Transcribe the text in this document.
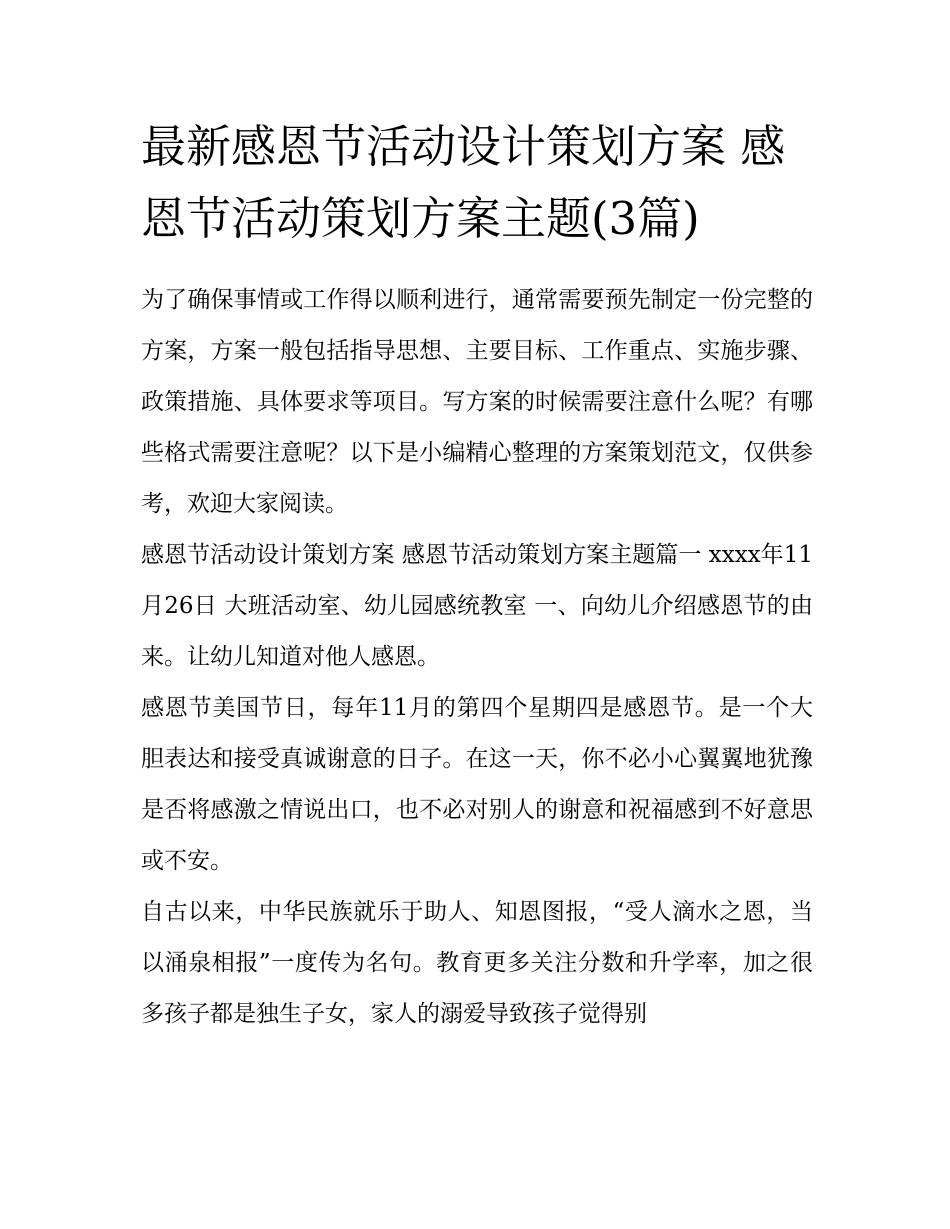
最新感恩节活动设计策划方案 感恩节活动策划方案主题(3篇)

为了确保事情或工作得以顺利进行，通常需要预先制定一份完整的方案，方案一般包括指导思想、主要目标、工作重点、实施步骤、政策措施、具体要求等项目。写方案的时候需要注意什么呢？有哪些格式需要注意呢？以下是小编精心整理的方案策划范文，仅供参考，欢迎大家阅读。

感恩节活动设计策划方案 感恩节活动策划方案主题篇一 xxxx年11月26日 大班活动室、幼儿园感统教室 一、向幼儿介绍感恩节的由来。让幼儿知道对他人感恩。

感恩节美国节日，每年11月的第四个星期四是感恩节。是一个大胆表达和接受真诚谢意的日子。在这一天，你不必小心翼翼地犹豫是否将感激之情说出口，也不必对别人的谢意和祝福感到不好意思或不安。

自古以来，中华民族就乐于助人、知恩图报，“受人滴水之恩，当以涌泉相报”一度传为名句。教育更多关注分数和升学率，加之很多孩子都是独生子女，家人的溺爱导致孩子觉得别
